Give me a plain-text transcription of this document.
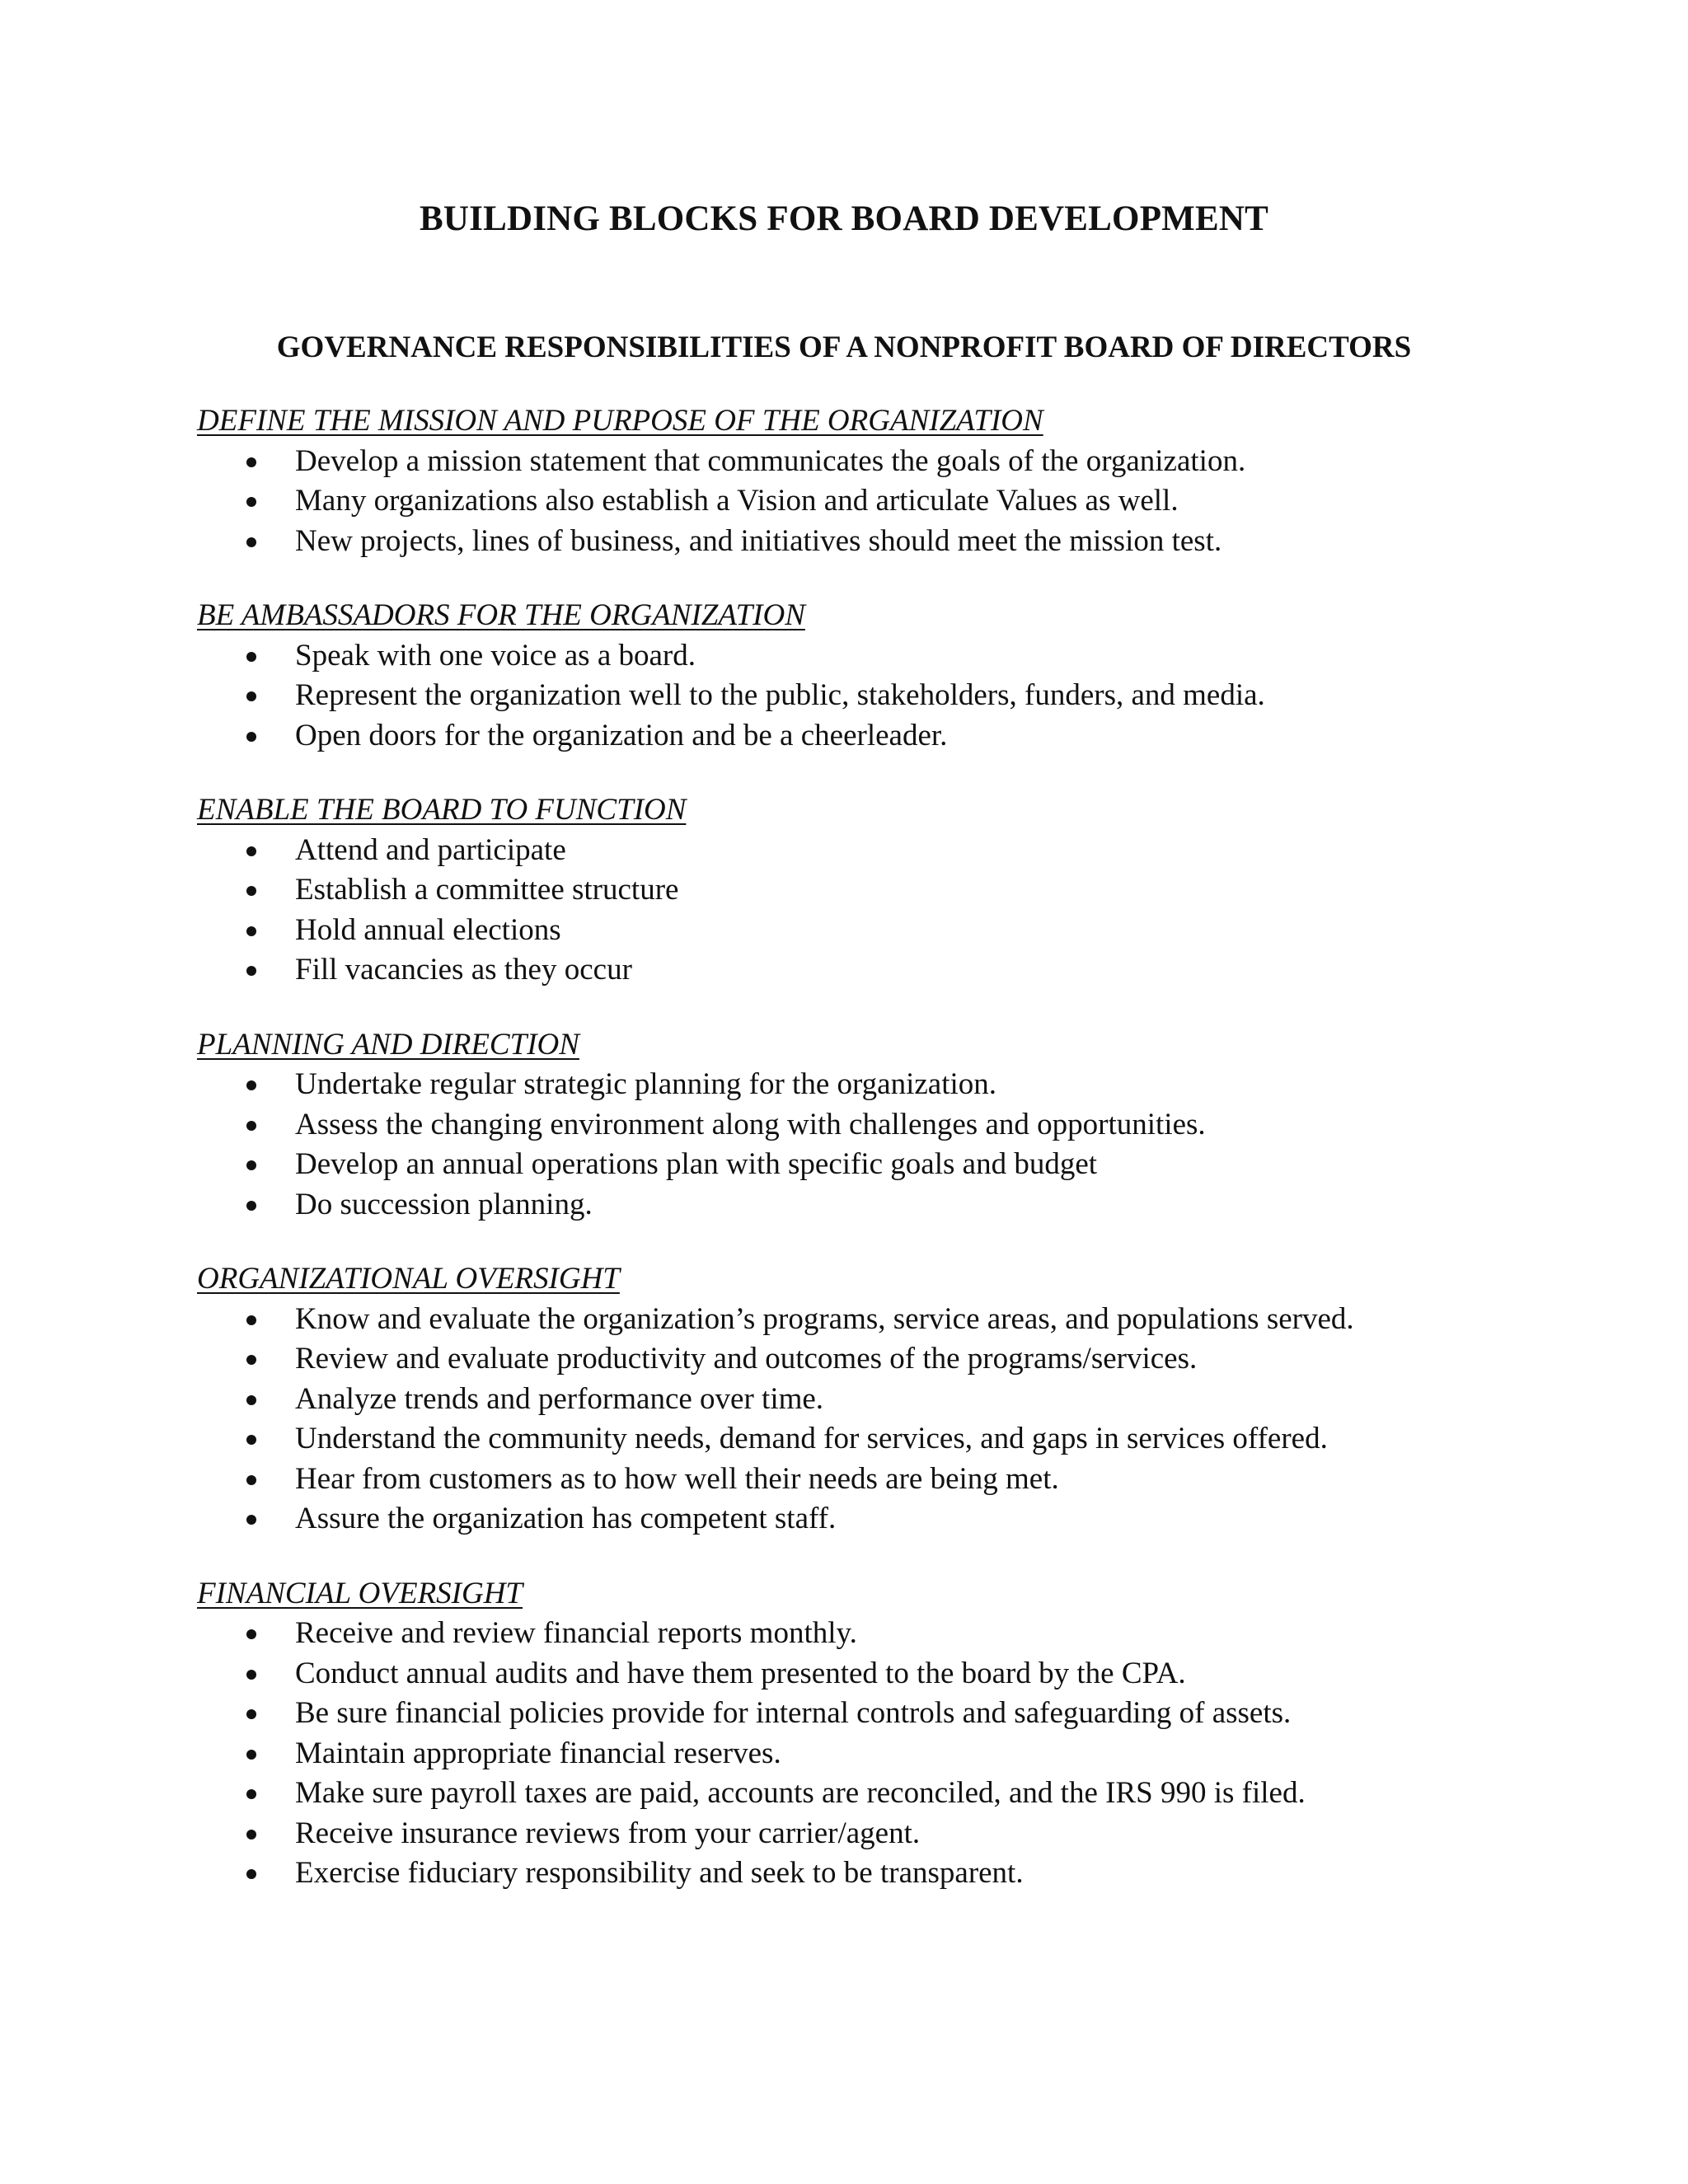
BUILDING BLOCKS FOR BOARD DEVELOPMENT
GOVERNANCE RESPONSIBILITIES OF A NONPROFIT BOARD OF DIRECTORS
DEFINE THE MISSION AND PURPOSE OF THE ORGANIZATION
Develop a mission statement that communicates the goals of the organization.
Many organizations also establish a Vision and articulate Values as well.
New projects, lines of business, and initiatives should meet the mission test.
BE AMBASSADORS FOR THE ORGANIZATION
Speak with one voice as a board.
Represent the organization well to the public, stakeholders, funders, and media.
Open doors for the organization and be a cheerleader.
ENABLE THE BOARD TO FUNCTION
Attend and participate
Establish a committee structure
Hold annual elections
Fill vacancies as they occur
PLANNING AND DIRECTION
Undertake regular strategic planning for the organization.
Assess the changing environment along with challenges and opportunities.
Develop an annual operations plan with specific goals and budget
Do succession planning.
ORGANIZATIONAL OVERSIGHT
Know and evaluate the organization’s programs, service areas, and populations served.
Review and evaluate productivity and outcomes of the programs/services.
Analyze trends and performance over time.
Understand the community needs, demand for services, and gaps in services offered.
Hear from customers as to how well their needs are being met.
Assure the organization has competent staff.
FINANCIAL OVERSIGHT
Receive and review financial reports monthly.
Conduct annual audits and have them presented to the board by the CPA.
Be sure financial policies provide for internal controls and safeguarding of assets.
Maintain appropriate financial reserves.
Make sure payroll taxes are paid, accounts are reconciled, and the IRS 990 is filed.
Receive insurance reviews from your carrier/agent.
Exercise fiduciary responsibility and seek to be transparent.
